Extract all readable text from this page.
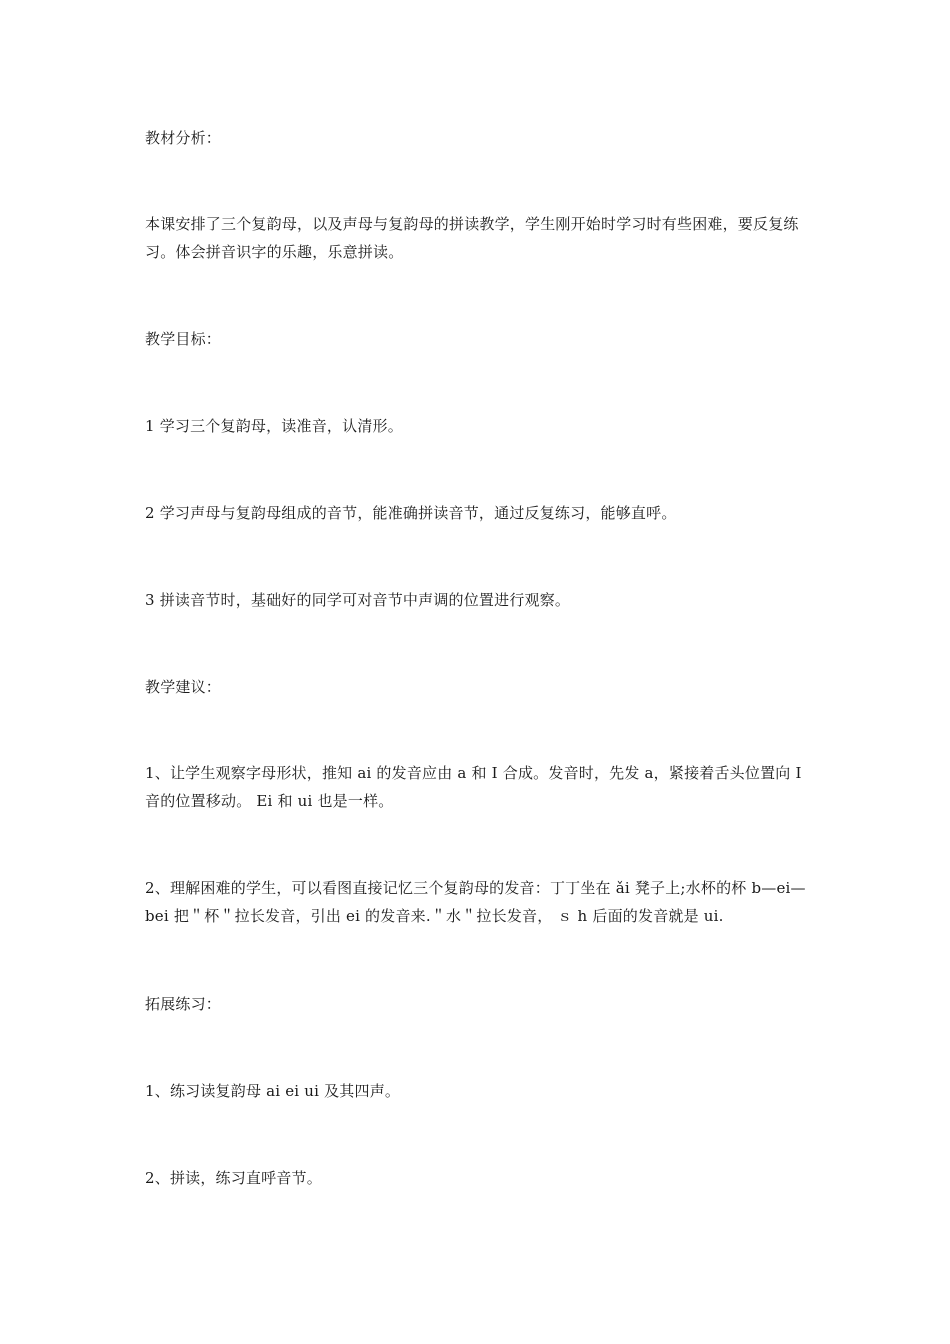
教材分析：

本课安排了三个复韵母，以及声母与复韵母的拼读教学，学生刚开始时学习时有些困难，要反复练习。体会拼音识字的乐趣，乐意拼读。

教学目标：

1 学习三个复韵母，读准音，认清形。

2 学习声母与复韵母组成的音节，能准确拼读音节，通过反复练习，能够直呼。

3 拼读音节时，基础好的同学可对音节中声调的位置进行观察。

教学建议：

1、让学生观察字母形状，推知 ai 的发音应由 a 和 I 合成。发音时，先发 a，紧接着舌头位置向 I 音的位置移动。 Ei 和 ui 也是一样。

2、理解困难的学生，可以看图直接记忆三个复韵母的发音：丁丁坐在 ǎi 凳子上;水杯的杯 b—ei—bei 把＂杯＂拉长发音，引出 ei 的发音来.＂水＂拉长发音， ｓ h 后面的发音就是 ui.

拓展练习：

1、练习读复韵母 ai ei ui 及其四声。

2、拼读，练习直呼音节。
